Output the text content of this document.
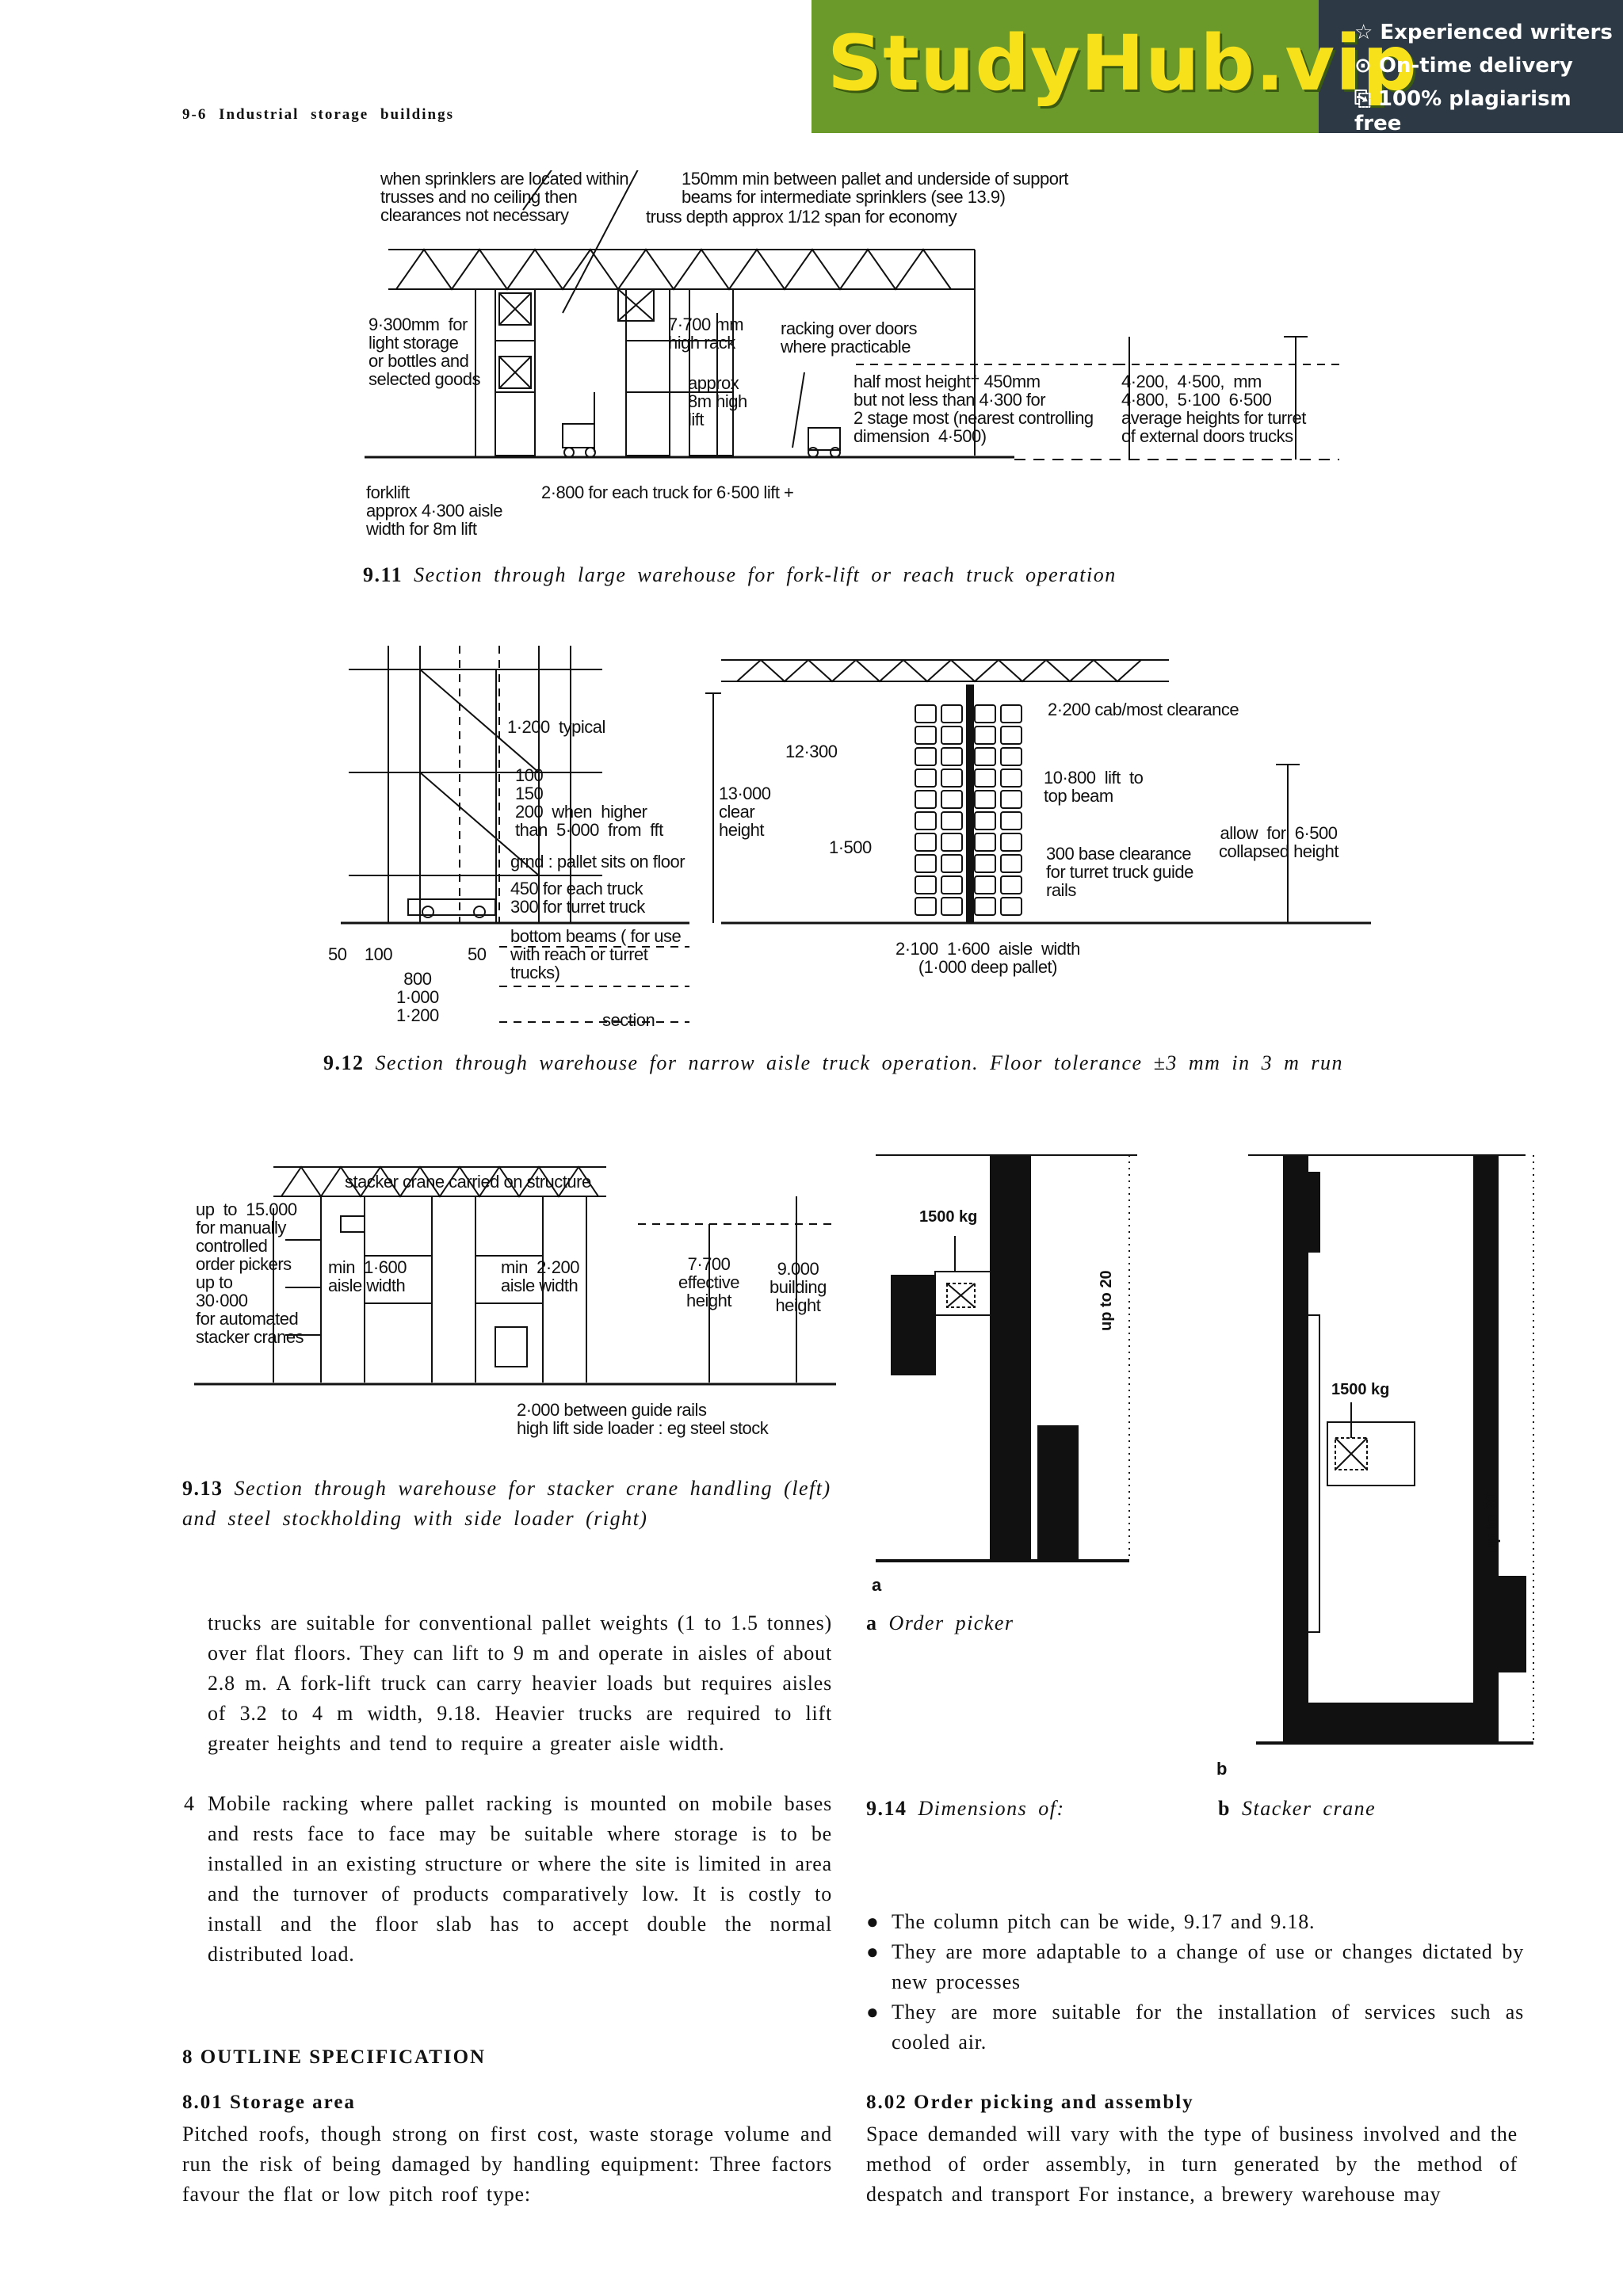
StudyHub.vip
☆ Experienced writers
⊙ On-time delivery
⎘ 100% plagiarism free
9-6 Industrial storage buildings
when sprinklers are located within
trusses and no ceiling then
clearances not necessary
150mm min between pallet and underside of support
beams for intermediate sprinklers (see 13.9)
truss depth approx 1/12 span for economy
9·300mm  for
light storage
or bottles and
selected goods
7·700 mm
high rack
racking over doors
where practicable
approx
8m high
lift
half most height† 450mm
but not less than 4·300 for
2 stage most (nearest controlling
dimension  4·500)
4·200,  4·500,  mm
4·800,  5·100  6·500
average heights for turret
of external doors trucks
forklift
approx 4·300 aisle
width for 8m lift
2·800 for each truck for 6·500 lift +
9.11 Section through large warehouse for fork-lift or reach truck operation
1·200  typical
100
150
200  when  higher
than  5·000  from  fft
grnd : pallet sits on floor
450 for each truck
300 for turret truck
bottom beams ( for use
with reach or turret
trucks)
50    100	50
800
1·000
1·200	section
12·300
13·000
clear
height
1·500
2·200 cab/most clearance
10·800  lift  to
top beam
300 base clearance
for turret truck guide
rails
allow  for  6·500
collapsed height
2·100  1·600  aisle  width
(1·000 deep pallet)
9.12 Section through warehouse for narrow aisle truck operation. Floor tolerance ±3 mm in 3 m run
stacker crane carried on structure
up  to  15.000
for manually
controlled
order pickers
up to
30·000
for automated
stacker cranes
min  1·600
aisle width
min  2·200
aisle width
7·700
effective
height
9.000
building
height
2·000 between guide rails
high lift side loader : eg steel stock
9.13 Section through warehouse for stacker crane handling (left)
and steel stockholding with side loader (right)
1500 kg
1500 kg
up to 20
up to 30
a
b
a Order picker
9.14 Dimensions of:	b Stacker crane
trucks are suitable for conventional pallet weights (1 to 1.5 tonnes) over flat floors. They can lift to 9 m and operate in aisles of about 2.8 m. A fork-lift truck can carry heavier loads but requires aisles of 3.2 to 4 m width, 9.18. Heavier trucks are required to lift greater heights and tend to require a greater aisle width.
4 Mobile racking where pallet racking is mounted on mobile bases and rests face to face may be suitable where storage is to be installed in an existing structure or where the site is limited in area and the turnover of products comparatively low. It is costly to install and the floor slab has to accept double the normal distributed load.
8 OUTLINE SPECIFICATION
8.01 Storage area
Pitched roofs, though strong on first cost, waste storage volume and run the risk of being damaged by handling equipment: Three factors favour the flat or low pitch roof type:
● The column pitch can be wide, 9.17 and 9.18.
● They are more adaptable to a change of use or changes dictated by new processes
● They are more suitable for the installation of services such as cooled air.
8.02 Order picking and assembly
Space demanded will vary with the type of business involved and the method of order assembly, in turn generated by the method of despatch and transport For instance, a brewery warehouse may
